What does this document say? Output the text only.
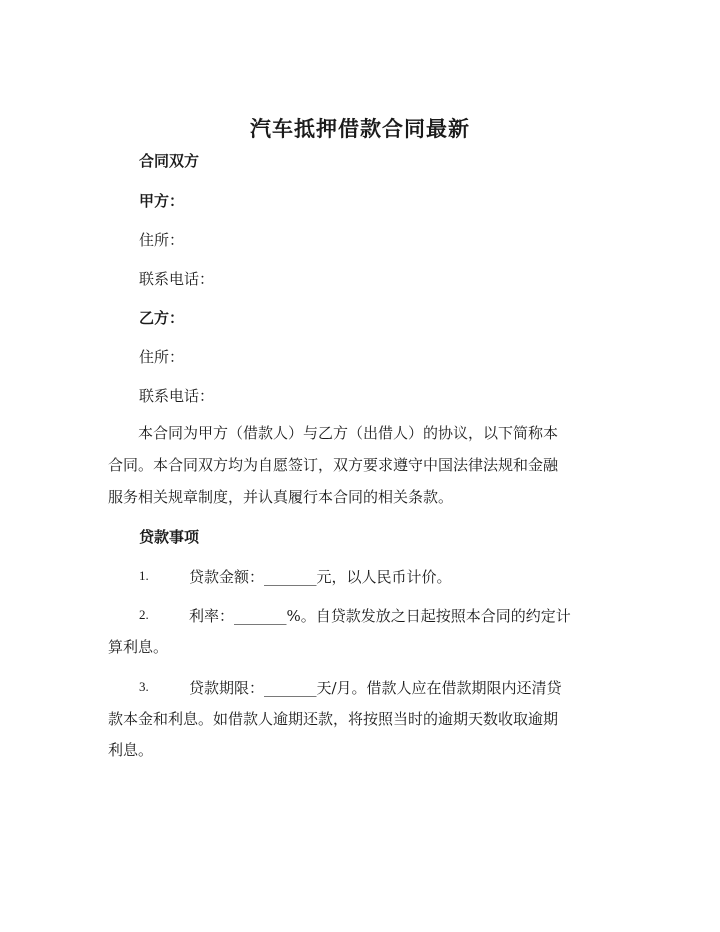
汽车抵押借款合同最新
合同双方
甲方：
住所：
联系电话：
乙方：
住所：
联系电话：

本合同为甲方（借款人）与乙方（出借人）的协议，以下简称本

合同。本合同双方均为自愿签订，双方要求遵守中国法律法规和金融

服务相关规章制度，并认真履行本合同的相关条款。

贷款事项
1.	贷款金额：_______元，以人民币计价。
2.	利率：_______%。自贷款发放之日起按照本合同的约定计
算利息。
3.	贷款期限：_______天/月。借款人应在借款期限内还清贷
款本金和利息。如借款人逾期还款，将按照当时的逾期天数收取逾期
利息。
